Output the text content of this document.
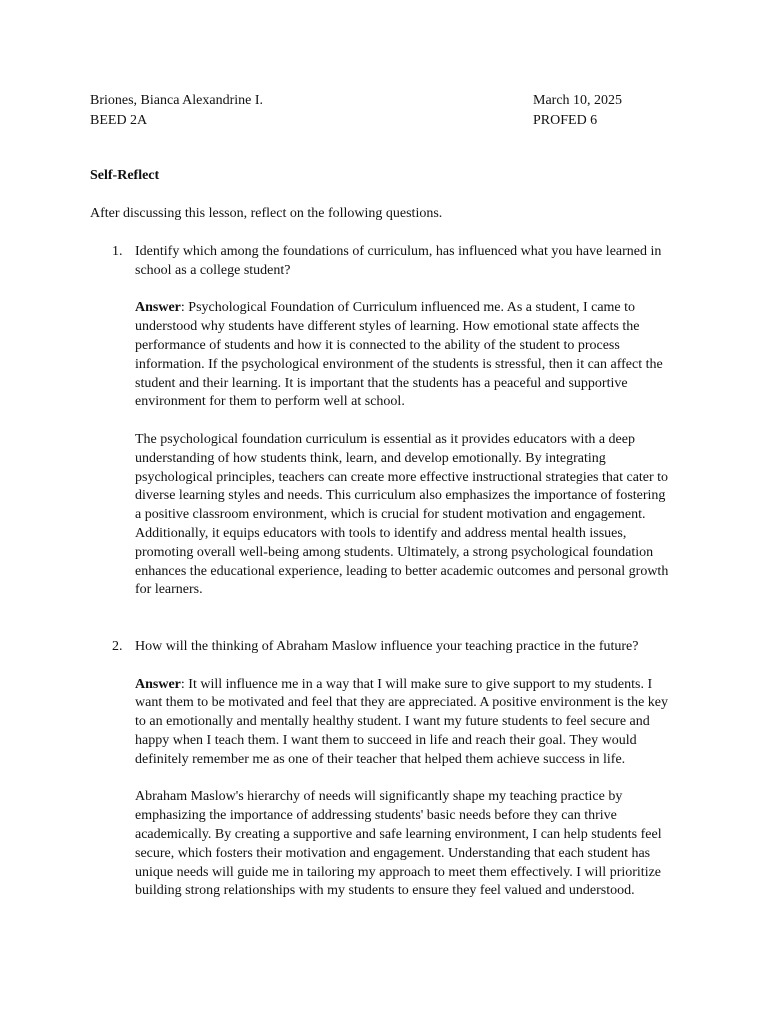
Briones, Bianca Alexandrine I.	March 10, 2025
BEED 2A	PROFED 6
Self-Reflect
After discussing this lesson, reflect on the following questions.
1. Identify which among the foundations of curriculum, has influenced what you have learned in school as a college student?
Answer: Psychological Foundation of Curriculum influenced me. As a student, I came to understood why students have different styles of learning. How emotional state affects the performance of students and how it is connected to the ability of the student to process information. If the psychological environment of the students is stressful, then it can affect the student and their learning. It is important that the students has a peaceful and supportive environment for them to perform well at school.
The psychological foundation curriculum is essential as it provides educators with a deep understanding of how students think, learn, and develop emotionally. By integrating psychological principles, teachers can create more effective instructional strategies that cater to diverse learning styles and needs. This curriculum also emphasizes the importance of fostering a positive classroom environment, which is crucial for student motivation and engagement. Additionally, it equips educators with tools to identify and address mental health issues, promoting overall well-being among students. Ultimately, a strong psychological foundation enhances the educational experience, leading to better academic outcomes and personal growth for learners.
2. How will the thinking of Abraham Maslow influence your teaching practice in the future?
Answer: It will influence me in a way that I will make sure to give support to my students. I want them to be motivated and feel that they are appreciated. A positive environment is the key to an emotionally and mentally healthy student. I want my future students to feel secure and happy when I teach them. I want them to succeed in life and reach their goal. They would definitely remember me as one of their teacher that helped them achieve success in life.
Abraham Maslow's hierarchy of needs will significantly shape my teaching practice by emphasizing the importance of addressing students' basic needs before they can thrive academically. By creating a supportive and safe learning environment, I can help students feel secure, which fosters their motivation and engagement. Understanding that each student has unique needs will guide me in tailoring my approach to meet them effectively. I will prioritize building strong relationships with my students to ensure they feel valued and understood.
